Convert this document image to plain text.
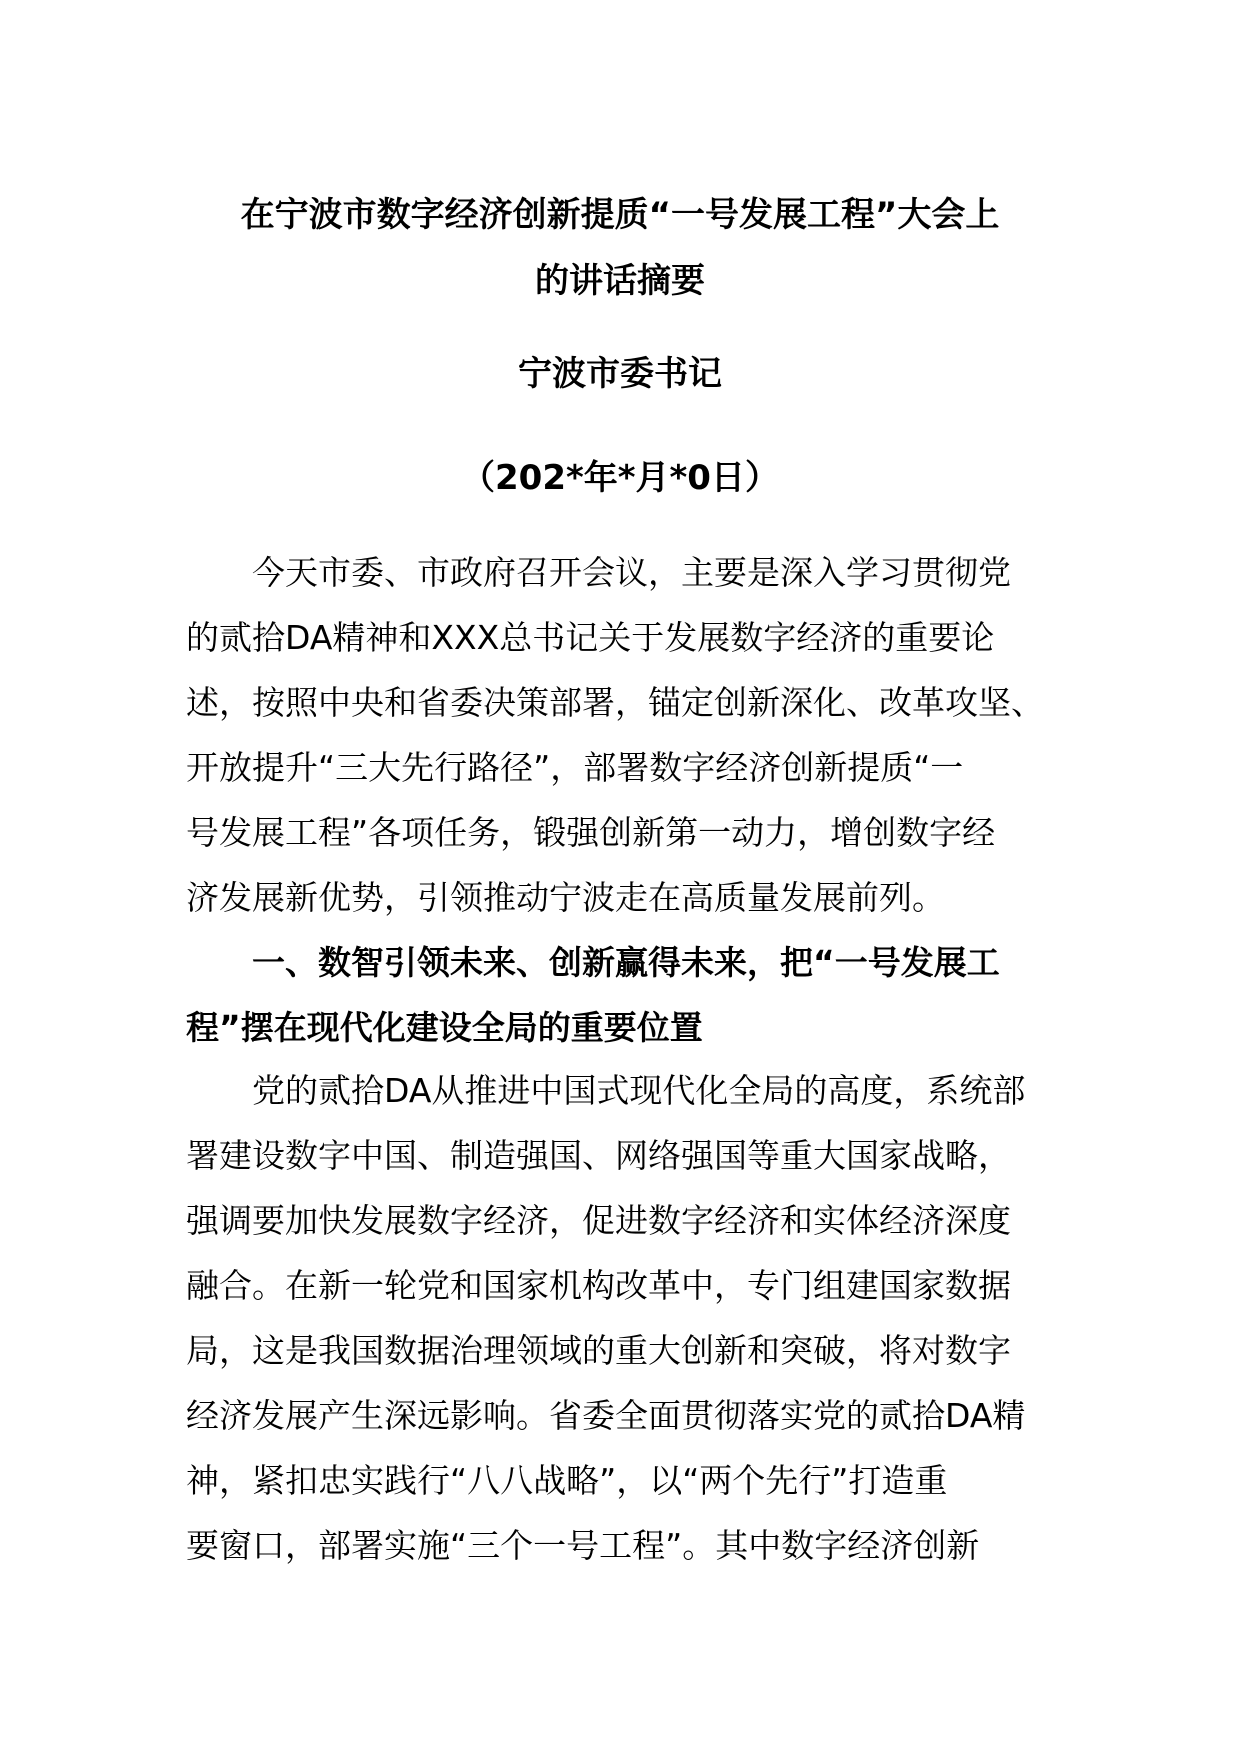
在宁波市数字经济创新提质“一号发展工程”大会上
的讲话摘要

宁波市委书记

（202*年*月*0日）

今天市委、市政府召开会议，主要是深入学习贯彻党
的贰拾DA精神和XXX总书记关于发展数字经济的重要论
述，按照中央和省委决策部署，锚定创新深化、改革攻坚、
开放提升“三大先行路径”，部署数字经济创新提质“一
号发展工程”各项任务，锻强创新第一动力，增创数字经
济发展新优势，引领推动宁波走在高质量发展前列。
一、数智引领未来、创新赢得未来，把“一号发展工
程”摆在现代化建设全局的重要位置
党的贰拾DA从推进中国式现代化全局的高度，系统部
署建设数字中国、制造强国、网络强国等重大国家战略，
强调要加快发展数字经济，促进数字经济和实体经济深度
融合。在新一轮党和国家机构改革中，专门组建国家数据
局，这是我国数据治理领域的重大创新和突破，将对数字
经济发展产生深远影响。省委全面贯彻落实党的贰拾DA精
神，紧扣忠实践行“八八战略”，以“两个先行”打造重
要窗口，部署实施“三个一号工程”。其中数字经济创新
